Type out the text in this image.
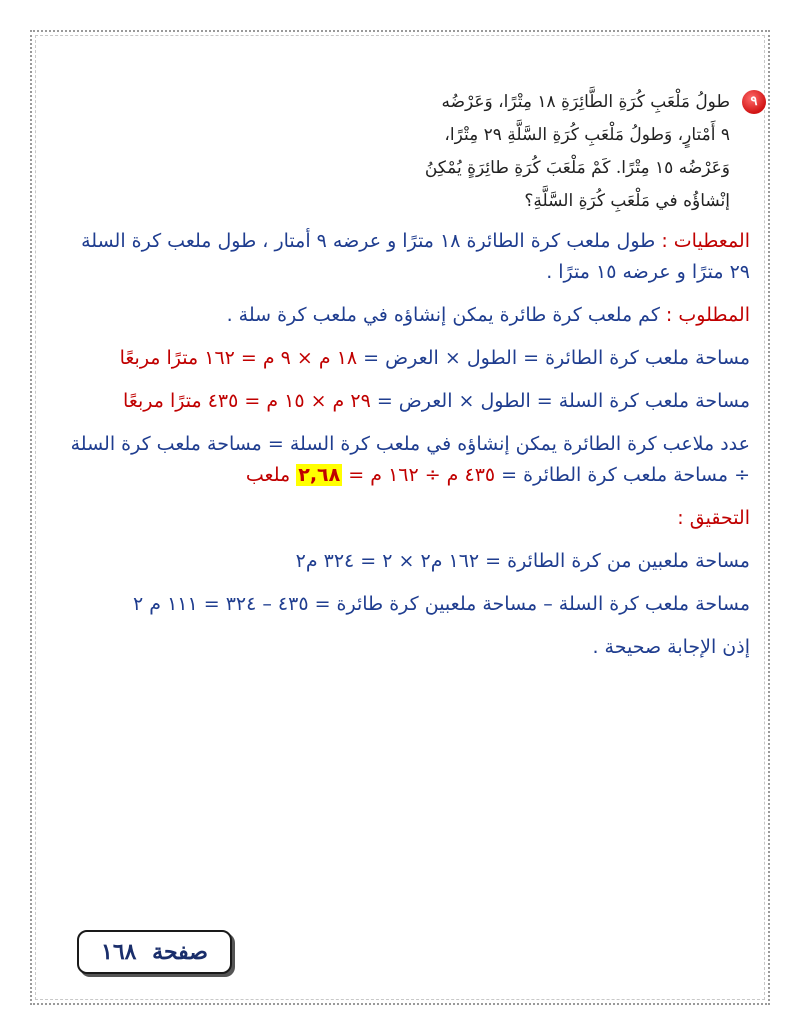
٩
طولُ مَلْعَبِ كُرَةِ الطَّائِرَةِ ١٨ مِتْرًا، وَعَرْضُه
٩ أَمْتارٍ، وَطولُ مَلْعَبِ كُرَةِ السَّلَّةِ ٢٩ مِتْرًا،
وَعَرْضُه ١٥ مِتْرًا. كَمْ مَلْعَبَ كُرَةِ طائِرَةٍ يُمْكِنُ
إنْشاؤُه في مَلْعَبِ كُرَةِ السَّلَّةِ؟

المعطيات : طول ملعب كرة الطائرة ١٨ مترًا و عرضه ٩ أمتار ، طول ملعب كرة السلة ٢٩ مترًا و عرضه ١٥ مترًا .

المطلوب : كم ملعب كرة طائرة يمكن إنشاؤه في ملعب كرة سلة .

مساحة ملعب كرة الطائرة = الطول × العرض = ١٨ م × ٩ م = ١٦٢ مترًا مربعًا

مساحة ملعب كرة السلة = الطول × العرض = ٢٩ م × ١٥ م = ٤٣٥ مترًا مربعًا

عدد ملاعب كرة الطائرة يمكن إنشاؤه في ملعب كرة السلة = مساحة ملعب كرة السلة ÷ مساحة ملعب كرة الطائرة = ٤٣٥ م ÷ ١٦٢ م = ٢,٦٨ ملعب

التحقيق :

مساحة ملعبين من كرة الطائرة = ١٦٢ م٢ × ٢ = ٣٢٤ م٢

مساحة ملعب كرة السلة – مساحة ملعبين كرة طائرة = ٤٣٥ – ٣٢٤ = ١١١ م ٢

إذن الإجابة صحيحة .

صفحة ١٦٨
